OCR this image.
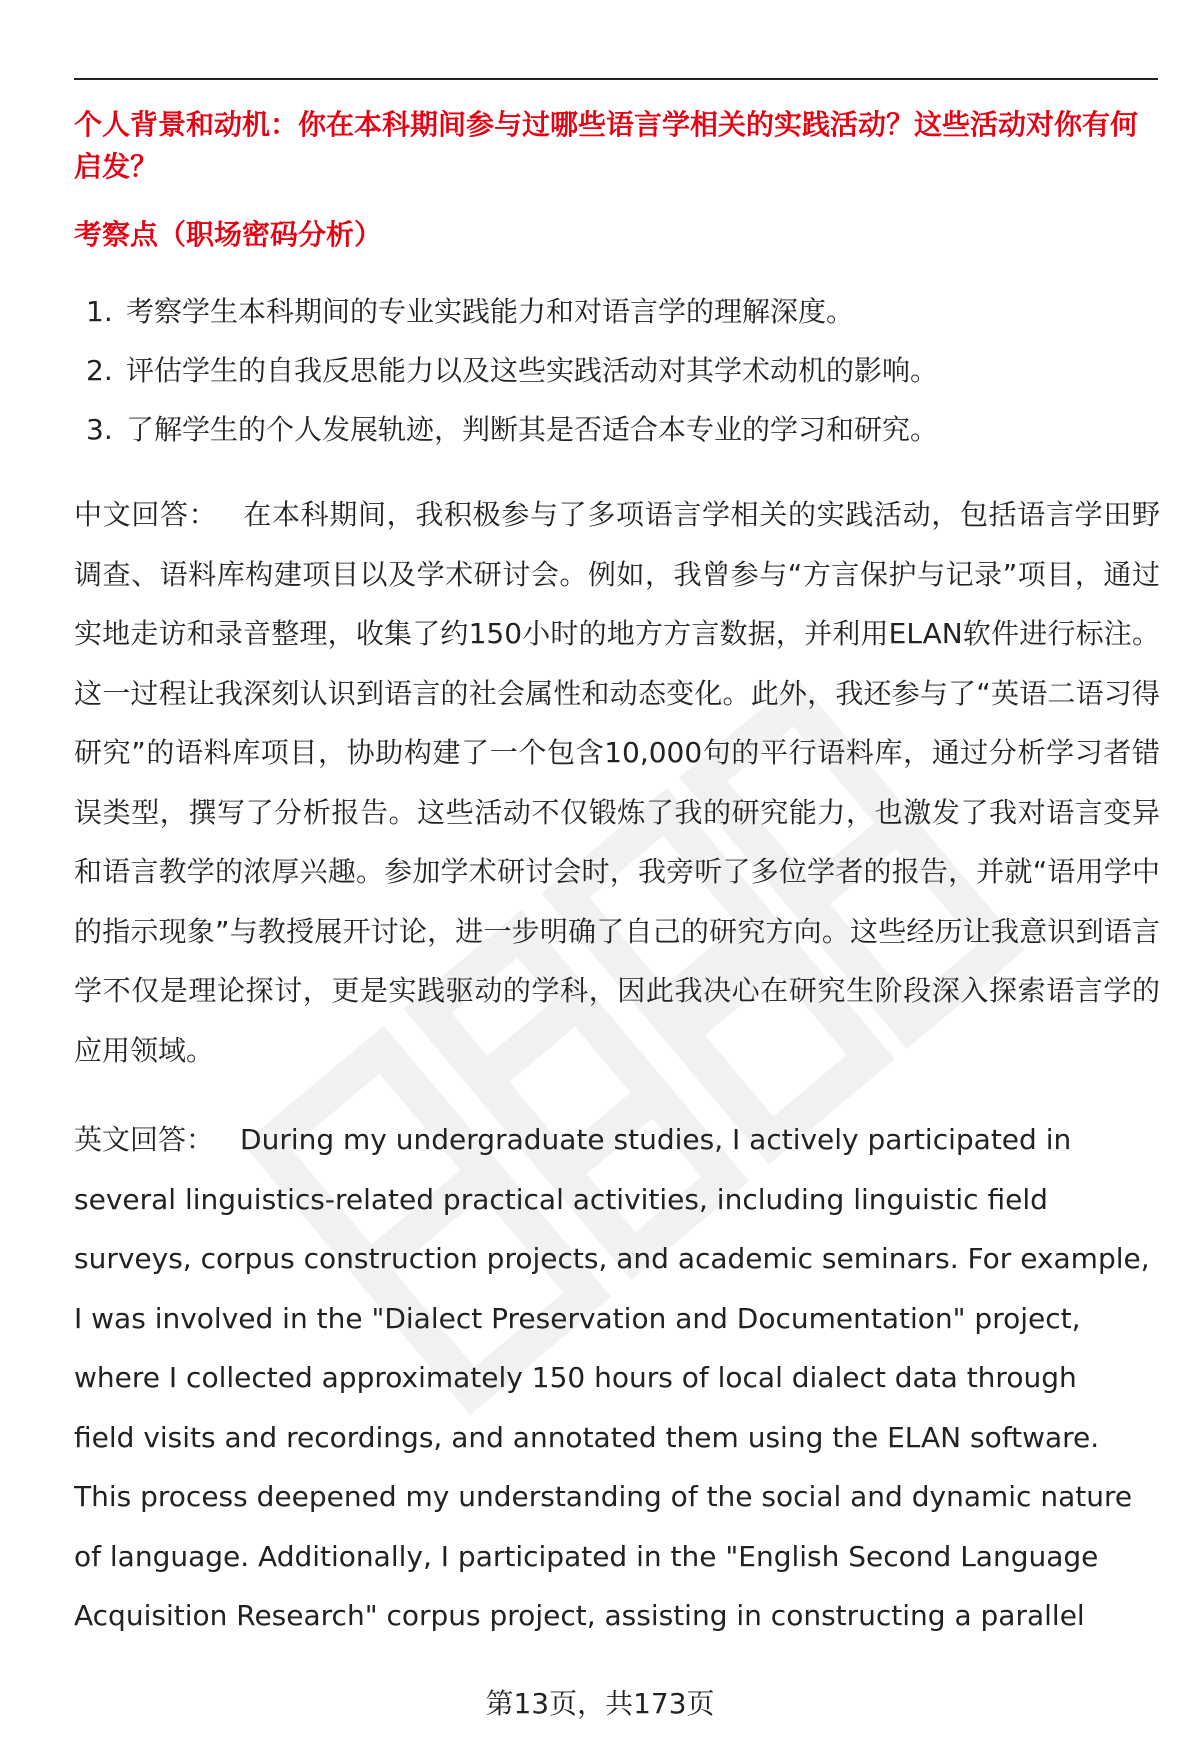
个人背景和动机：你在本科期间参与过哪些语言学相关的实践活动？这些活动对你有何启发？
考察点（职场密码分析）
1. 考察学生本科期间的专业实践能力和对语言学的理解深度。
2. 评估学生的自我反思能力以及这些实践活动对其学术动机的影响。
3. 了解学生的个人发展轨迹，判断其是否适合本专业的学习和研究。

中文回答： 在本科期间，我积极参与了多项语言学相关的实践活动，包括语言学田野调查、语料库构建项目以及学术研讨会。例如，我曾参与“方言保护与记录”项目，通过实地走访和录音整理，收集了约150小时的地方方言数据，并利用ELAN软件进行标注。这一过程让我深刻认识到语言的社会属性和动态变化。此外，我还参与了“英语二语习得研究”的语料库项目，协助构建了一个包含10,000句的平行语料库，通过分析学习者错误类型，撰写了分析报告。这些活动不仅锻炼了我的研究能力，也激发了我对语言变异和语言教学的浓厚兴趣。参加学术研讨会时，我旁听了多位学者的报告，并就“语用学中的指示现象”与教授展开讨论，进一步明确了自己的研究方向。这些经历让我意识到语言学不仅是理论探讨，更是实践驱动的学科，因此我决心在研究生阶段深入探索语言学的应用领域。

英文回答： During my undergraduate studies, I actively participated in
several linguistics-related practical activities, including linguistic field
surveys, corpus construction projects, and academic seminars. For example,
I was involved in the "Dialect Preservation and Documentation" project,
where I collected approximately 150 hours of local dialect data through
field visits and recordings, and annotated them using the ELAN software.
This process deepened my understanding of the social and dynamic nature
of language. Additionally, I participated in the "English Second Language
Acquisition Research" corpus project, assisting in constructing a parallel
第13页，共173页
